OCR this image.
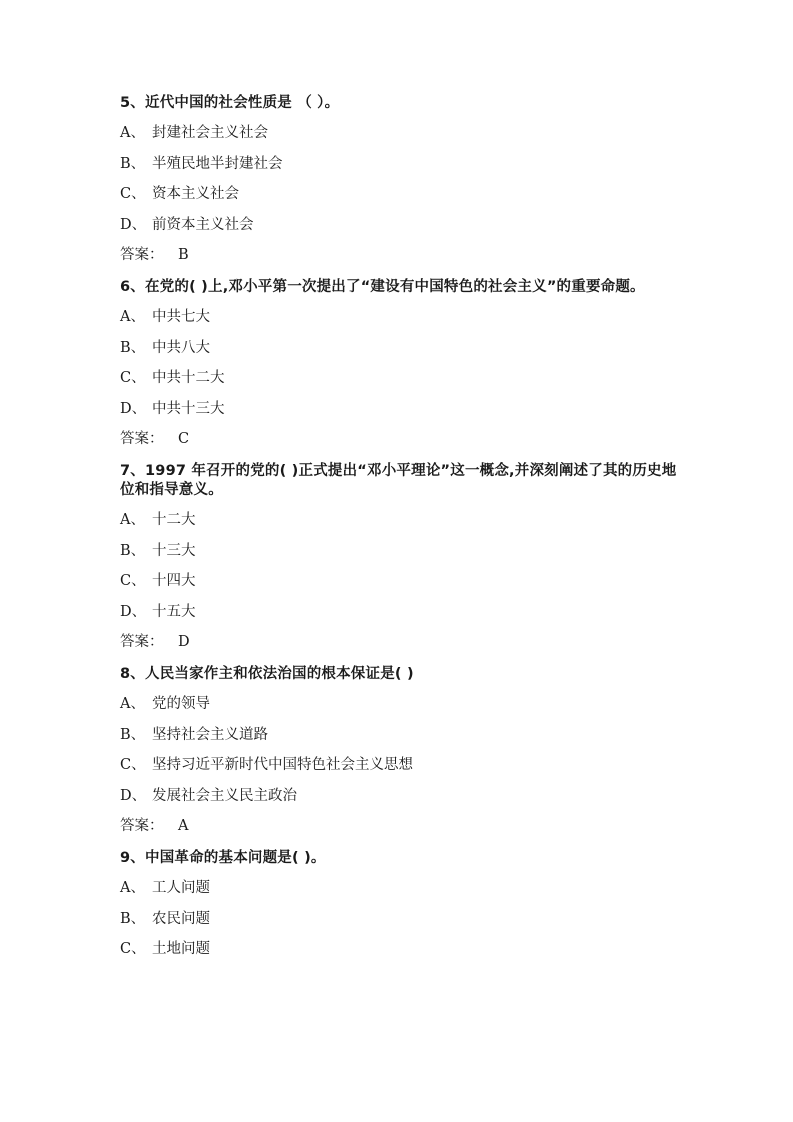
5、近代中国的社会性质是 （ ）。
A、 封建社会主义社会
B、 半殖民地半封建社会
C、 资本主义社会
D、 前资本主义社会
答案： B
6、在党的( )上,邓小平第一次提出了“建设有中国特色的社会主义”的重要命题。
A、 中共七大
B、 中共八大
C、 中共十二大
D、 中共十三大
答案： C
7、1997 年召开的党的( )正式提出“邓小平理论”这一概念,并深刻阐述了其的历史地位和指导意义。
A、 十二大
B、 十三大
C、 十四大
D、 十五大
答案： D
8、人民当家作主和依法治国的根本保证是( )
A、 党的领导
B、 坚持社会主义道路
C、 坚持习近平新时代中国特色社会主义思想
D、 发展社会主义民主政治
答案： A
9、中国革命的基本问题是( )。
A、 工人问题
B、 农民问题
C、 土地问题
